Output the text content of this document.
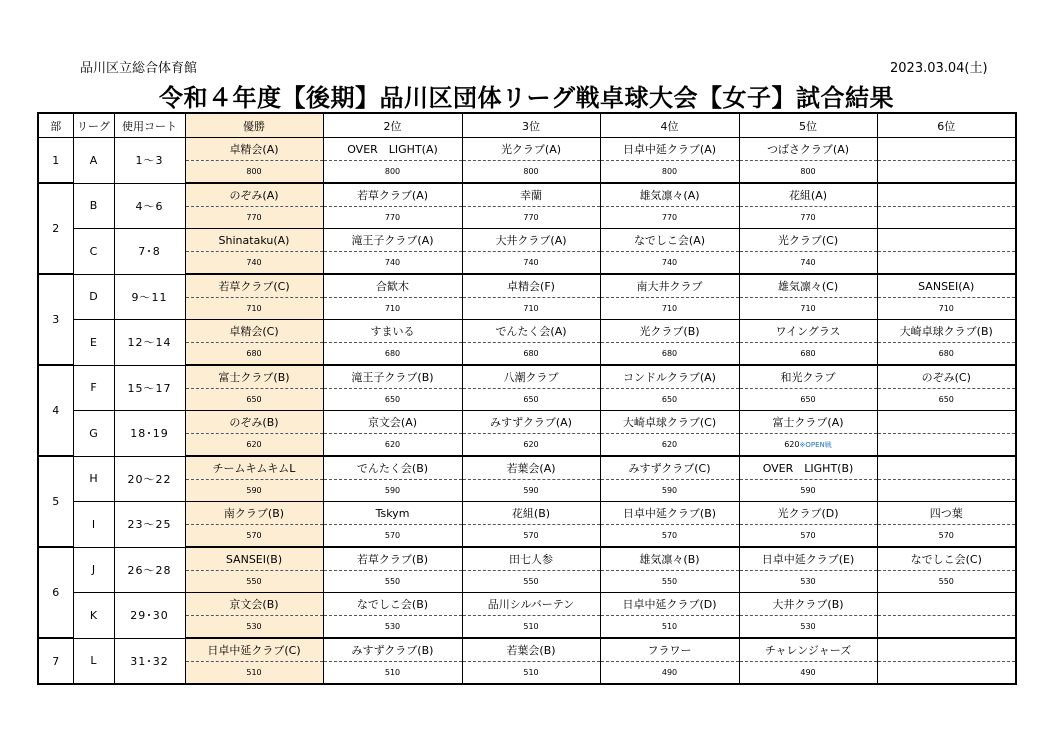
品川区立総合体育館	2023.03.04(土)
令和４年度【後期】品川区団体リーグ戦卓球大会【女子】試合結果
部	リーグ	使用コート	優勝	2位	3位	4位	5位	6位
1	A	1～3	卓精会(A)	OVER　LIGHT(A)	光クラブ(A)	日卓中延クラブ(A)	つばさクラブ(A)	
			800	800	800	800	800	
2	B	4～6	のぞみ(A)	若草クラブ(A)	幸蘭	雄気凛々(A)	花組(A)	
			770	770	770	770	770	
	C	7･8	Shinataku(A)	滝王子クラブ(A)	大井クラブ(A)	なでしこ会(A)	光クラブ(C)	
			740	740	740	740	740	
3	D	9～11	若草クラブ(C)	合歓木	卓精会(F)	南大井クラブ	雄気凛々(C)	SANSEI(A)
			710	710	710	710	710	710
	E	12～14	卓精会(C)	すまいる	でんたく会(A)	光クラブ(B)	ワイングラス	大崎卓球クラブ(B)
			680	680	680	680	680	680
4	F	15～17	富士クラブ(B)	滝王子クラブ(B)	八潮クラブ	コンドルクラブ(A)	和光クラブ	のぞみ(C)
			650	650	650	650	650	650
	G	18･19	のぞみ(B)	京文会(A)	みすずクラブ(A)	大崎卓球クラブ(C)	富士クラブ(A)	
			620	620	620	620	620※OPEN戦	
5	H	20～22	チームキムキムL	でんたく会(B)	若葉会(A)	みすずクラブ(C)	OVER　LIGHT(B)	
			590	590	590	590	590	
	I	23～25	南クラブ(B)	Tskym	花組(B)	日卓中延クラブ(B)	光クラブ(D)	四つ葉
			570	570	570	570	570	570
6	J	26～28	SANSEI(B)	若草クラブ(B)	田七人参	雄気凛々(B)	日卓中延クラブ(E)	なでしこ会(C)
			550	550	550	550	530	550
	K	29･30	京文会(B)	なでしこ会(B)	品川シルバーテン	日卓中延クラブ(D)	大井クラブ(B)	
			530	530	510	510	530	
7	L	31･32	日卓中延クラブ(C)	みすずクラブ(B)	若葉会(B)	フラワー	チャレンジャーズ	
			510	510	510	490	490	
